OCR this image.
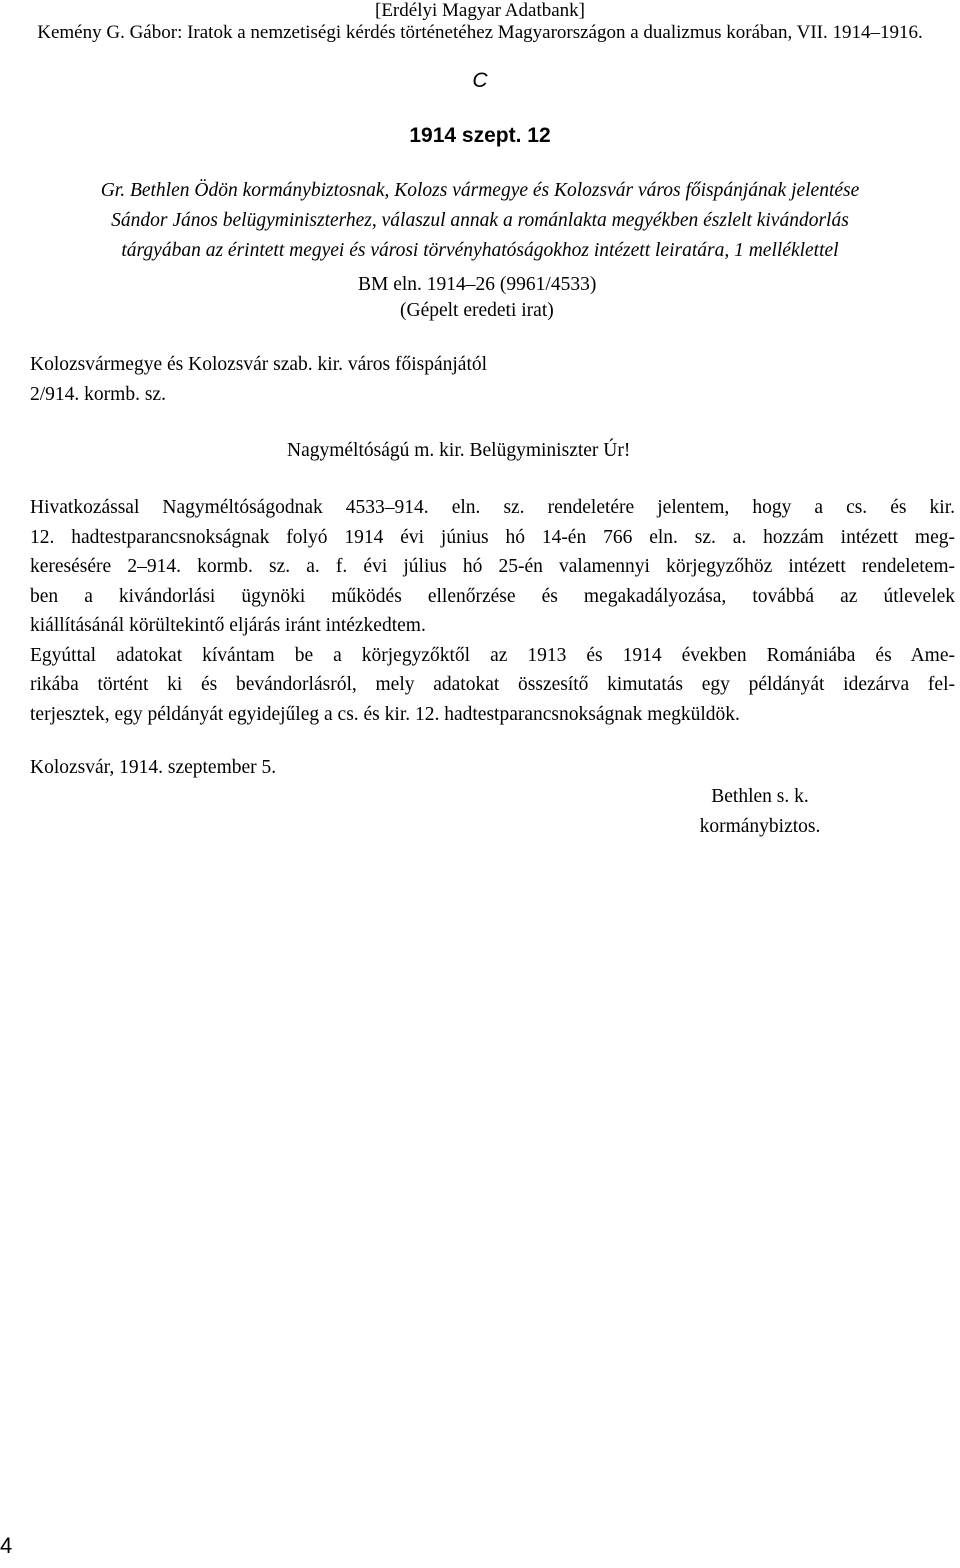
[Erdélyi Magyar Adatbank]
Kemény G. Gábor: Iratok a nemzetiségi kérdés történetéhez Magyarországon a dualizmus korában, VII. 1914–1916.
C
1914 szept. 12
Gr. Bethlen Ödön kormánybiztosnak, Kolozs vármegye és Kolozsvár város főispánjának jelentése
Sándor János belügyminiszterhez, válaszul annak a románlakta megyékben észlelt kivándorlás
tárgyában az érintett megyei és városi törvényhatóságokhoz intézett leiratára, 1 melléklettel
BM eln. 1914–26 (9961/4533)
(Gépelt eredeti irat)
Kolozsvármegye és Kolozsvár szab. kir. város főispánjától
2/914. kormb. sz.
Nagyméltóságú m. kir. Belügyminiszter Úr!
Hivatkozással Nagyméltóságodnak 4533–914. eln. sz. rendeletére jelentem, hogy a cs. és kir.
12. hadtestparancsnokságnak folyó 1914 évi június hó 14-én 766 eln. sz. a. hozzám intézett meg-
keresésére 2–914. kormb. sz. a. f. évi július hó 25-én valamennyi körjegyzőhöz intézett rendeletem-
ben a kivándorlási ügynöki működés ellenőrzése és megakadályozása, továbbá az útlevelek
kiállításánál körültekintő eljárás iránt intézkedtem.
Egyúttal adatokat kívántam be a körjegyzőktől az 1913 és 1914 években Romániába és Ame-
rikába történt ki és bevándorlásról, mely adatokat összesítő kimutatás egy példányát idezárva fel-
terjesztek, egy példányát egyidejűleg a cs. és kir. 12. hadtestparancsnokságnak megküldök.
Kolozsvár, 1914. szeptember 5.
Bethlen s. k.
kormánybiztos.
4
